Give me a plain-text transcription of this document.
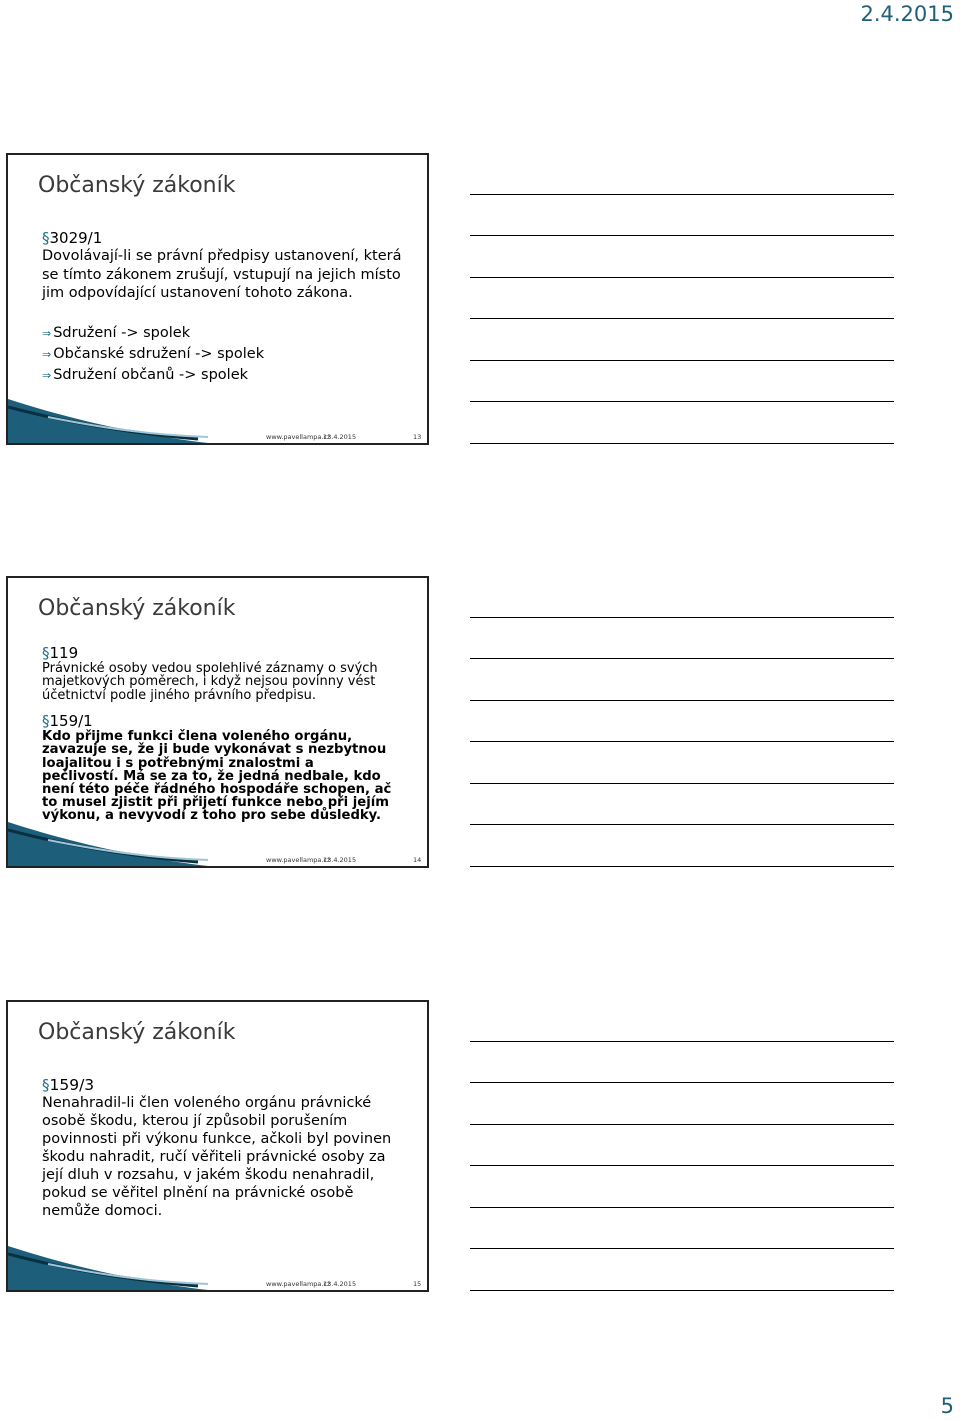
2.4.2015
Občanský zákoník

§3029/1

Dovolávají-li se právní předpisy ustanovení, která se tímto zákonem zrušují, vstupují na jejich místo jim odpovídající ustanovení tohoto zákona.

⇒ Sdružení -> spolek
⇒ Občanské sdružení -> spolek
⇒ Sdružení občanů -> spolek
www.pavellampa.cz
13.4.2015	13
Občanský zákoník

§119

Právnické osoby vedou spolehlivé záznamy o svých majetkových poměrech, i když nejsou povinny vést účetnictví podle jiného právního předpisu.

§159/1

Kdo přijme funkci člena voleného orgánu, zavazuje se, že ji bude vykonávat s nezbytnou loajalitou i s potřebnými znalostmi a pečlivostí. Má se za to, že jedná nedbale, kdo není této péče řádného hospodáře schopen, ač to musel zjistit při přijetí funkce nebo při jejím výkonu, a nevyvodí z toho pro sebe důsledky.

www.pavellampa.cz
13.4.2015	14
Občanský zákoník

§159/3

Nenahradil-li člen voleného orgánu právnické osobě škodu, kterou jí způsobil porušením povinnosti při výkonu funkce, ačkoli byl povinen škodu nahradit, ručí věřiteli právnické osoby za její dluh v rozsahu, v jakém škodu nenahradil, pokud se věřitel plnění na právnické osobě nemůže domoci.

www.pavellampa.cz
13.4.2015	15
5
